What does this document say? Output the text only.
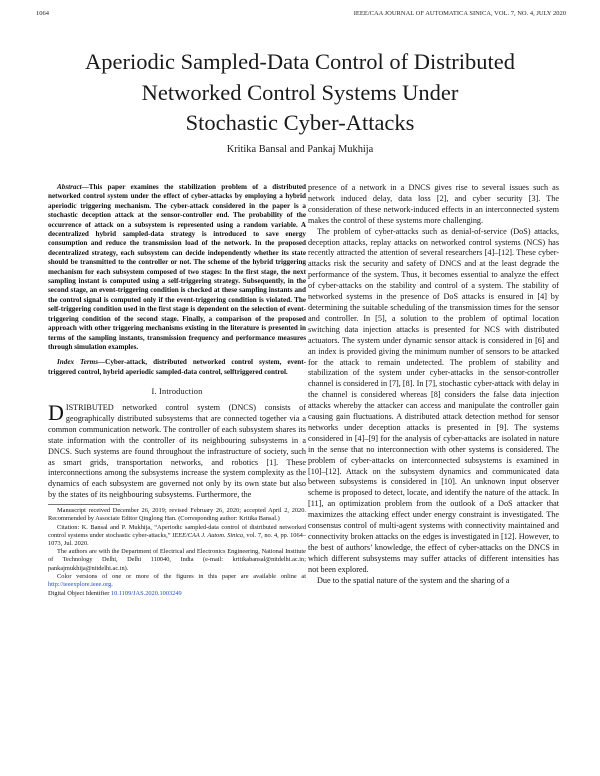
1064	IEEE/CAA JOURNAL OF AUTOMATICA SINICA, VOL. 7, NO. 4, JULY 2020
Aperiodic Sampled-Data Control of Distributed
Networked Control Systems Under
Stochastic Cyber-Attacks
Kritika Bansal and Pankaj Mukhija

Abstract—This paper examines the stabilization problem of a distributed networked control system under the effect of cyber-attacks by employing a hybrid aperiodic triggering mechanism. The cyber-attack considered in the paper is a stochastic deception attack at the sensor-controller end. The probability of the occurrence of attack on a subsystem is represented using a random variable. A decentralized hybrid sampled-data strategy is introduced to save energy consumption and reduce the transmission load of the network. In the proposed decentralized strategy, each subsystem can decide independently whether its state should be transmitted to the controller or not. The scheme of the hybrid triggering mechanism for each subsystem composed of two stages: In the first stage, the next sampling instant is computed using a self-triggering strategy. Subsequently, in the second stage, an event-triggering condition is checked at these sampling instants and the control signal is computed only if the event-triggering condition is violated. The self-triggering condition used in the first stage is dependent on the selection of event-triggering condition of the second stage. Finally, a comparison of the proposed approach with other triggering mechanisms existing in the literature is presented in terms of the sampling instants, transmission frequency and performance measures through simulation examples.

Index Terms—Cyber-attack, distributed networked control system, event-triggered control, hybrid aperiodic sampled-data control, selftriggered control.

I. Introduction

DISTRIBUTED networked control system (DNCS) consists of geographically distributed subsystems that are connected together via a common communication network. The controller of each subsystem shares its state information with the controller of its neighbouring subsystems in a DNCS. Such systems are found throughout the infrastructure of society, such as smart grids, transportation networks, and robotics [1]. These interconnections among the subsystems increase the system complexity as the dynamics of each subsystem are governed not only by its own state but also by the states of its neighbouring subsystems. Furthermore, the

Manuscript received December 26, 2019; revised February 26, 2020; accepted April 2, 2020. Recommended by Associate Editor Qinglong Han. (Corresponding author: Kritika Bansal.)

Citation: K. Bansal and P. Mukhija, “Aperiodic sampled-data control of distributed networked control systems under stochastic cyber-attacks,” IEEE/CAA J. Autom. Sinica, vol. 7, no. 4, pp. 1064–1073, Jul. 2020.

The authors are with the Department of Electrical and Electronics Engineering, National Institute of Technology Delhi, Delhi 110040, India (e-mail: kritikabansal@nitdelhi.ac.in; pankajmukhija@nitdelhi.ac.in).

Color versions of one or more of the figures in this paper are available online at http://ieeexplore.ieee.org.

Digital Object Identifier 10.1109/JAS.2020.1003249

presence of a network in a DNCS gives rise to several issues such as network induced delay, data loss [2], and cyber security [3]. The consideration of these network-induced effects in an interconnected system makes the control of these systems more challenging.

The problem of cyber-attacks such as denial-of-service (DoS) attacks, deception attacks, replay attacks on networked control systems (NCS) has recently attracted the attention of several researchers [4]–[12]. These cyber-attacks risk the security and safety of DNCS and at the least degrade the performance of the system. Thus, it becomes essential to analyze the effect of cyber-attacks on the stability and control of a system. The stability of networked systems in the presence of DoS attacks is ensured in [4] by determining the suitable scheduling of the transmission times for the sensor and controller. In [5], a solution to the problem of optimal location switching data injection attacks is presented for NCS with distributed actuators. The system under dynamic sensor attack is considered in [6] and an index is provided giving the minimum number of sensors to be attacked for the attack to remain undetected. The problem of stability and stabilization of the system under cyber-attacks in the sensor-controller channel is considered in [7], [8]. In [7], stochastic cyber-attack with delay in the channel is considered whereas [8] considers the false data injection attacks whereby the attacker can access and manipulate the controller gain causing gain fluctuations. A distributed attack detection method for sensor networks under deception attacks is presented in [9]. The systems considered in [4]–[9] for the analysis of cyber-attacks are isolated in nature in the sense that no interconnection with other systems is considered. The problem of cyber-attacks on interconnected subsystems is examined in [10]–[12]. Attack on the subsystem dynamics and communicated data between subsystems is considered in [10]. An unknown input observer scheme is proposed to detect, locate, and identify the nature of the attack. In [11], an optimization problem from the outlook of a DoS attacker that maximizes the attacking effect under energy constraint is investigated. The consensus control of multi-agent systems with connectivity maintained and connectivity broken attacks on the edges is investigated in [12]. However, to the best of authors’ knowledge, the effect of cyber-attacks on the DNCS in which different subsystems may suffer attacks of different intensities has not been explored.

Due to the spatial nature of the system and the sharing of a
